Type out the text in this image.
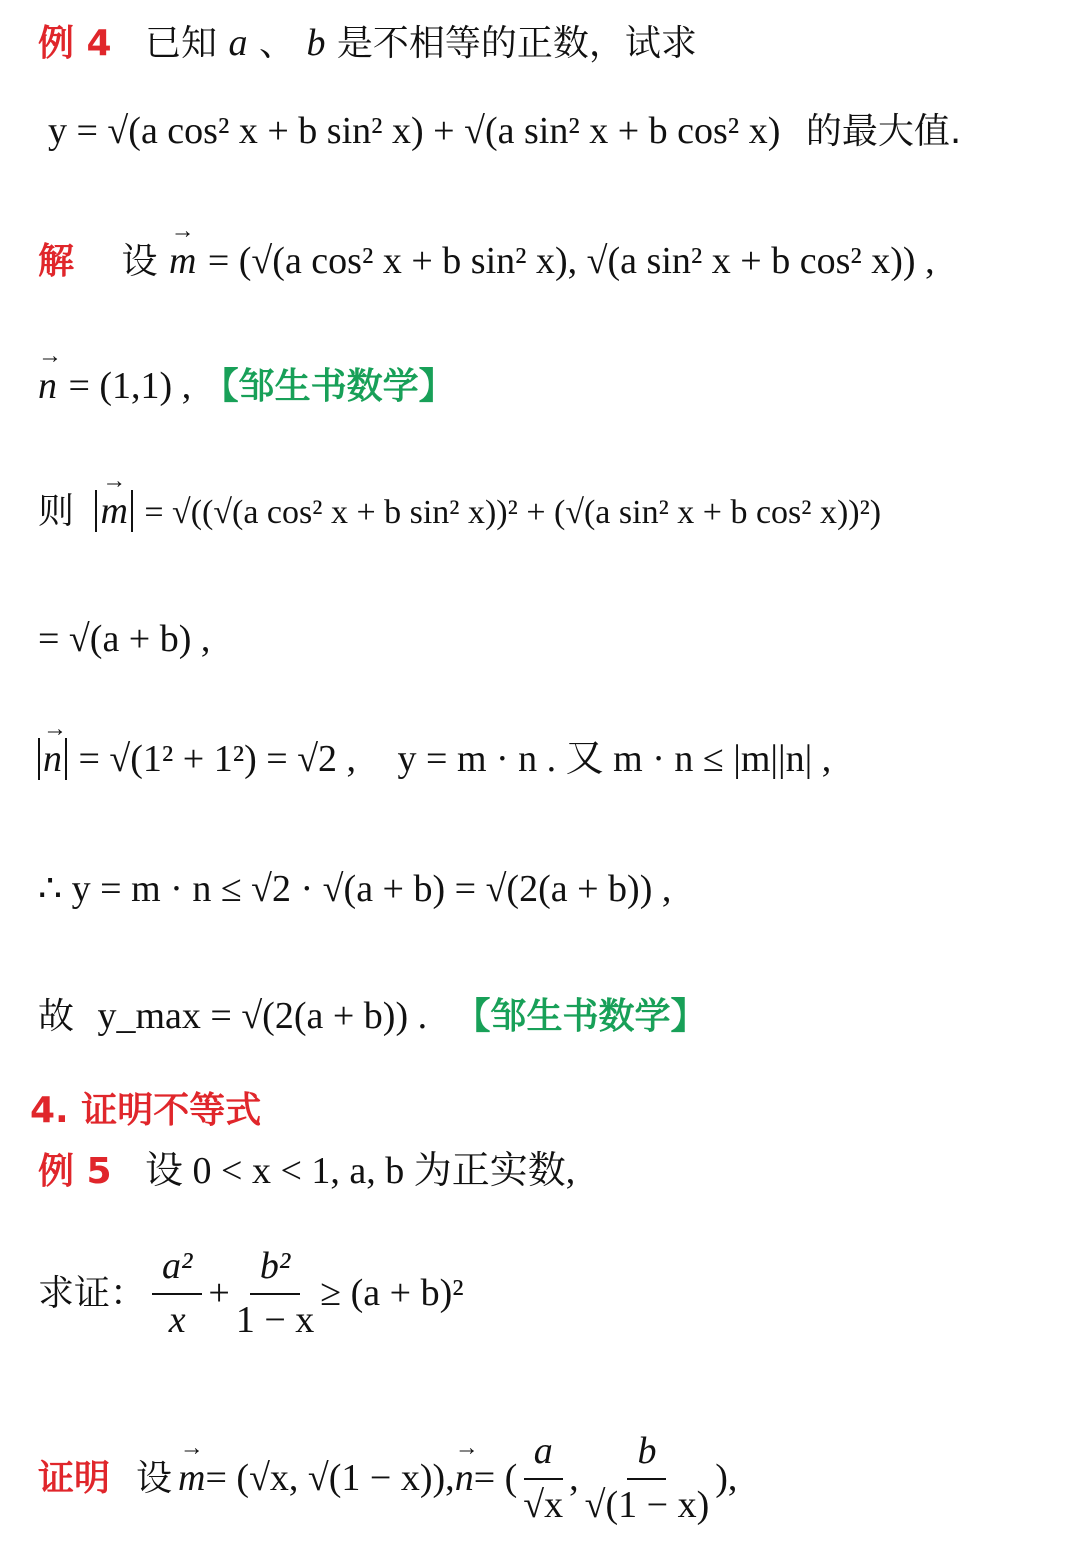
例 4 已知 a 、 b 是不相等的正数，试求
y = √(a cos² x + b sin² x) + √(a sin² x + b cos² x) 的最大值.
解 设 → m = (√(a cos² x + b sin² x), √(a sin² x + b cos² x)) ,
→ n = (1,1) , 【邹生书数学】
则 → m = √((√(a cos² x + b sin² x))² + (√(a sin² x + b cos² x))²)
= √(a + b) ,
→ n = √(1² + 1²) = √2 , y = m · n . 又 m · n ≤ |m||n| ,
∴ y = m · n ≤ √2 · √(a + b) = √(2(a + b)) ,
故 y_max = √(2(a + b)) . 【邹生书数学】
4. 证明不等式
例 5 设 0 < x < 1, a, b 为正实数,
求证： $\frac{\text{a²}}{x} + \frac{\text{b²}}{1 - x} \ge (a + b)^2$
证明 设 → m = (√x, √(1 − x)), → n = ( $\frac{a}{√x}$ , $\frac{b}{√(1 - x)}$ ),
